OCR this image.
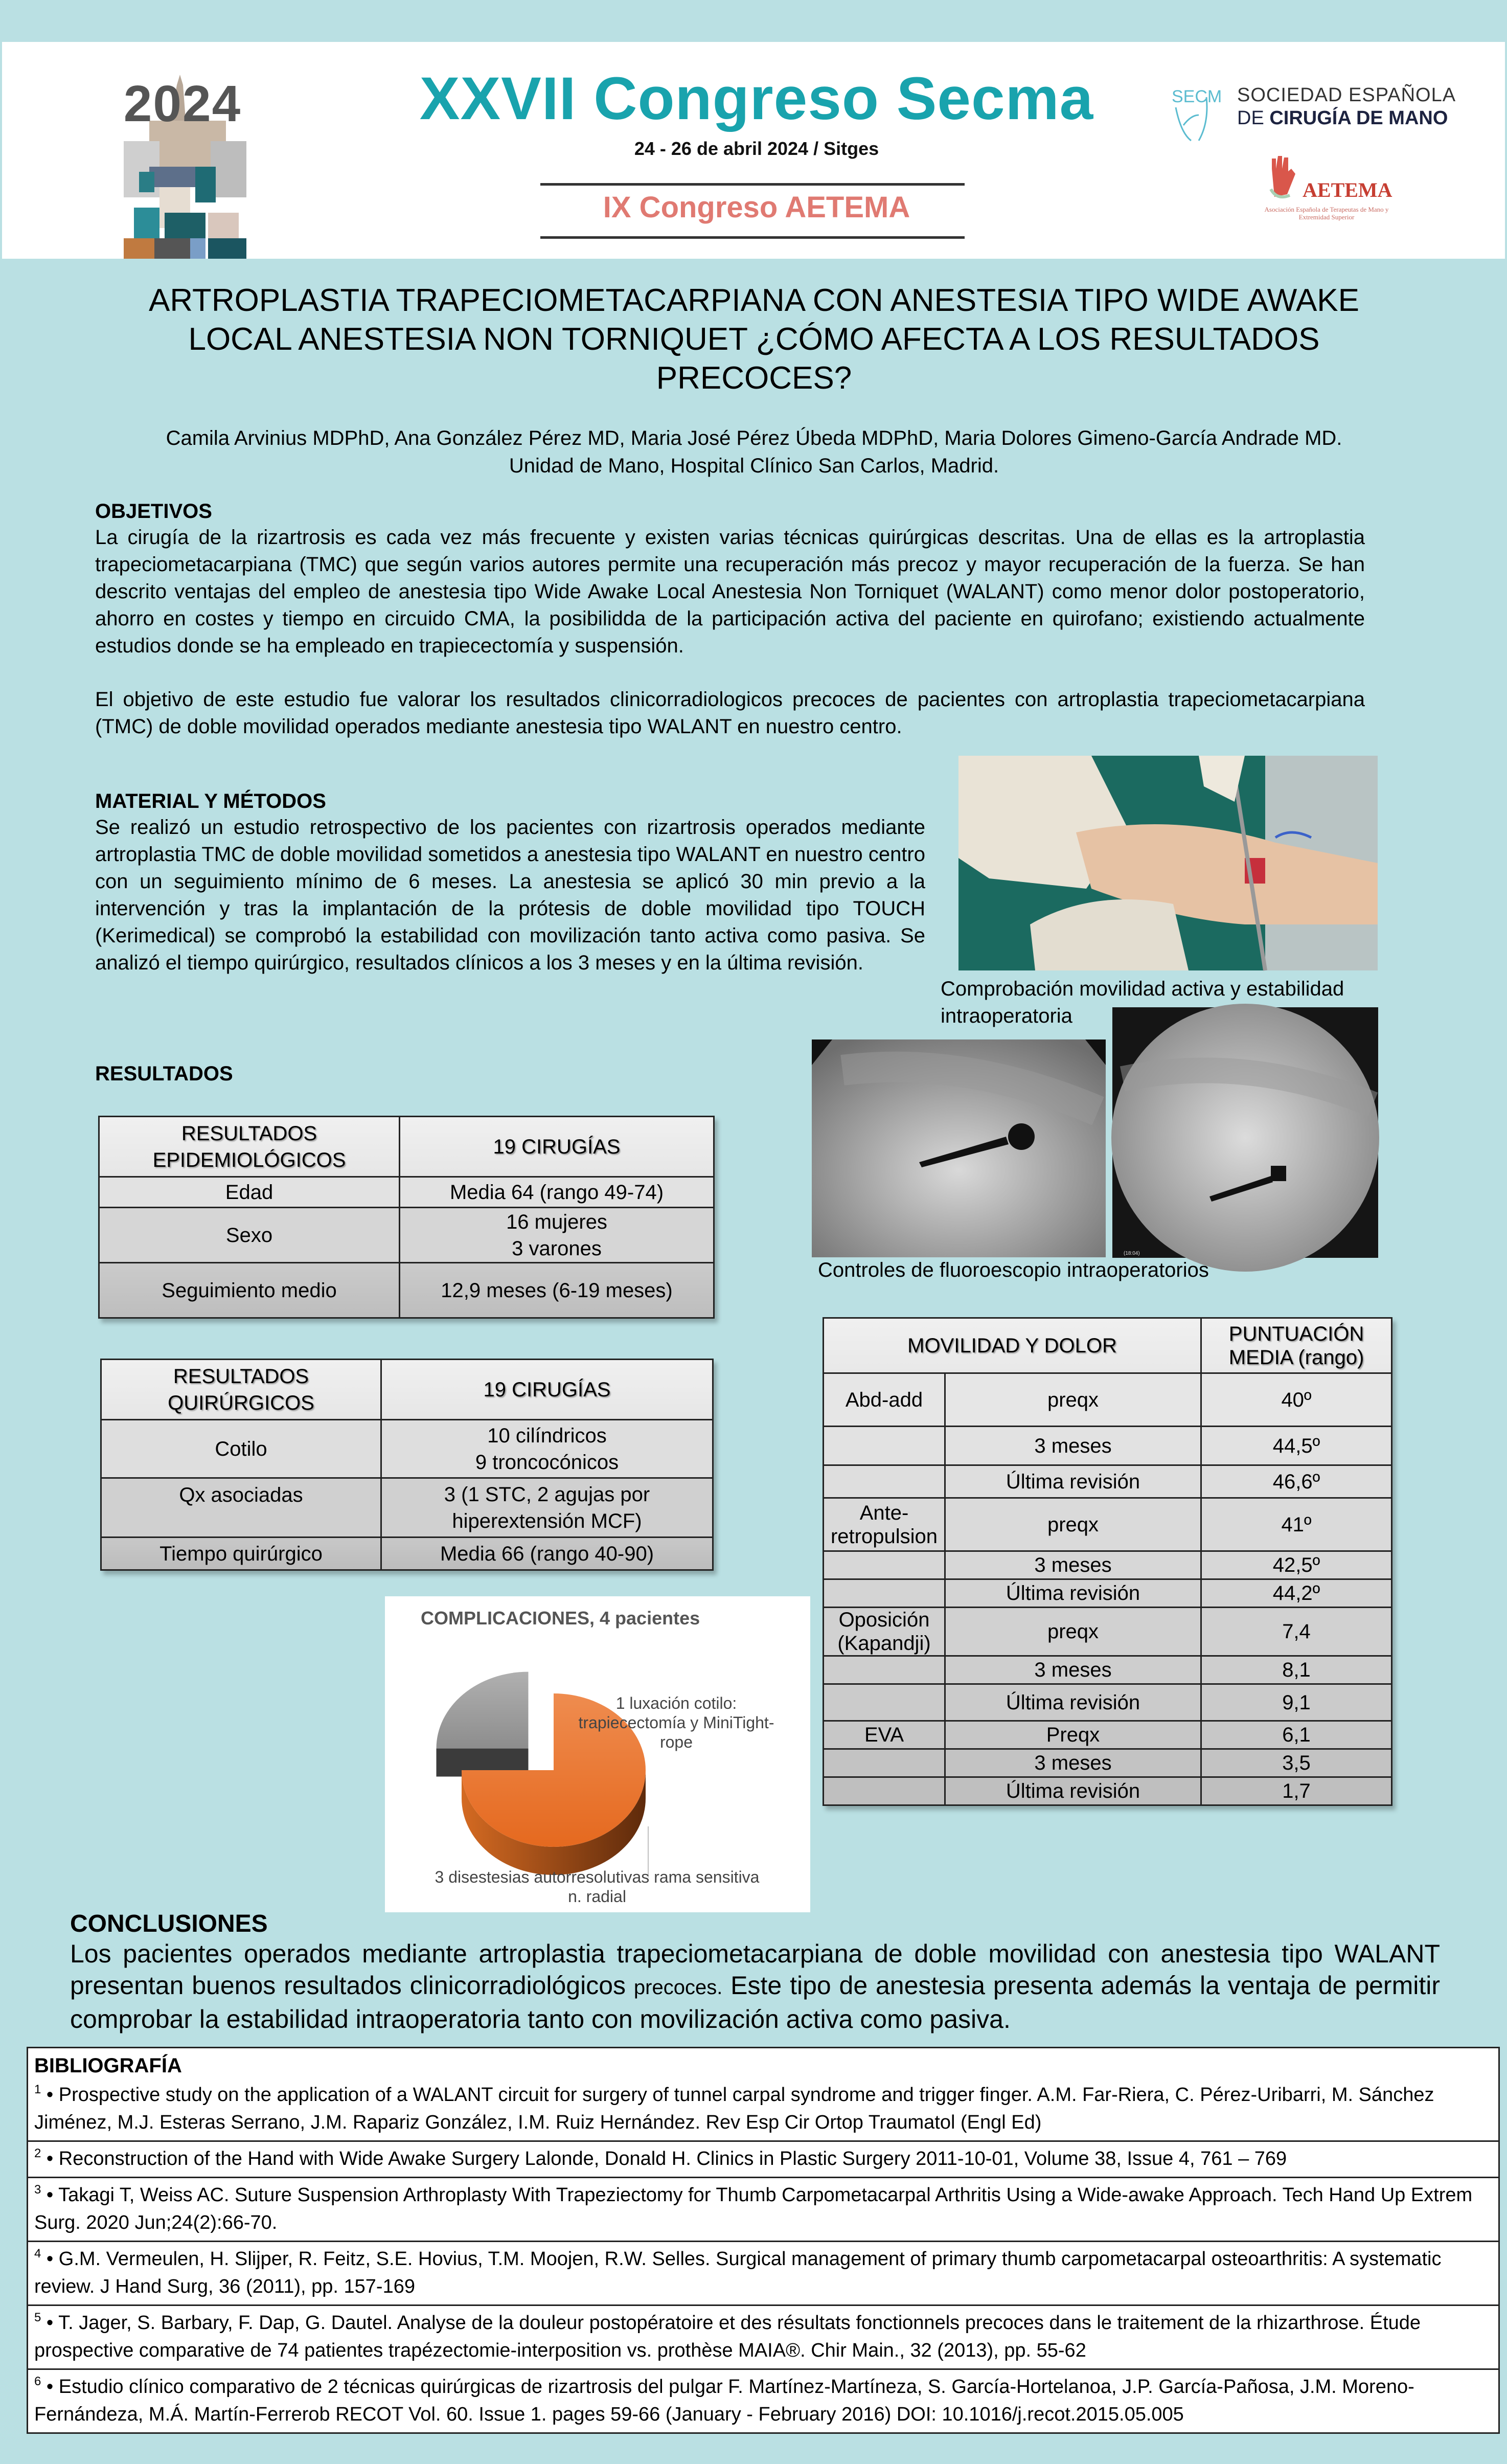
2024	XXVII Congreso Secma
24 - 26 de abril 2024 / Sitges
IX Congreso AETEMA
SECM SOCIEDAD ESPAÑOLA
DE CIRUGÍA DE MANO
AETEMA
Asociación Española de Terapeutas de Mano y Extremidad Superior
ARTROPLASTIA TRAPECIOMETACARPIANA CON ANESTESIA TIPO WIDE AWAKE LOCAL ANESTESIA NON TORNIQUET ¿CÓMO AFECTA A LOS RESULTADOS PRECOCES?
Camila Arvinius MDPhD, Ana González Pérez MD, Maria José Pérez Úbeda MDPhD, Maria Dolores Gimeno-García Andrade MD. Unidad de Mano, Hospital Clínico San Carlos, Madrid.
OBJETIVOS
La cirugía de la rizartrosis es cada vez más frecuente y existen varias técnicas quirúrgicas descritas. Una de ellas es la artroplastia trapeciometacarpiana (TMC) que según varios autores permite una recuperación más precoz y mayor recuperación de la fuerza. Se han descrito ventajas del empleo de anestesia tipo Wide Awake Local Anestesia Non Torniquet (WALANT) como menor dolor postoperatorio, ahorro en costes y tiempo en circuido CMA, la posibilidda de la participación activa del paciente en quirofano; existiendo actualmente estudios donde se ha empleado en trapiecectomía y suspensión.
El objetivo de este estudio fue valorar los resultados clinicorradiologicos precoces de pacientes con artroplastia trapeciometacarpiana (TMC) de doble movilidad operados mediante anestesia tipo WALANT en nuestro centro.
MATERIAL Y MÉTODOS
Se realizó un estudio retrospectivo de los pacientes con rizartrosis operados mediante artroplastia TMC de doble movilidad sometidos a anestesia tipo WALANT en nuestro centro con un seguimiento mínimo de 6 meses. La anestesia se aplicó 30 min previo a la intervención y tras la implantación de la prótesis de doble movilidad tipo TOUCH (Kerimedical) se comprobó la estabilidad con movilización tanto activa como pasiva. Se analizó el tiempo quirúrgico, resultados clínicos a los 3 meses y en la última revisión.
Comprobación movilidad activa y estabilidad intraoperatoria
(18:04)
Controles de fluoroescopio intraoperatorios
RESULTADOS
RESULTADOS EPIDEMIOLÓGICOS	19 CIRUGÍAS
Edad	Media 64 (rango 49-74)
Sexo	16 mujeres
3 varones

Seguimiento medio	12,9 meses (6-19 meses)
RESULTADOS QUIRÚRGICOS	19 CIRUGÍAS
Cotilo	10 cilíndricos
9 troncocónicos

Qx asociadas	3 (1 STC, 2 agujas por
hiperextensión MCF)

Tiempo quirúrgico	Media 66 (rango 40-90)
MOVILIDAD Y DOLOR		PUNTUACIÓN MEDIA (rango)
Abd-add	preqx	40º
	3 meses	44,5º
	Última revisión	46,6º
Ante-retropulsion	preqx	41º
	3 meses	42,5º
	Última revisión	44,2º
Oposición (Kapandji)	preqx	7,4
	3 meses	8,1
	Última revisión	9,1
EVA	Preqx	6,1
	3 meses	3,5
	Última revisión	1,7
COMPLICACIONES, 4 pacientes
1 luxación cotilo:
trapiecectomía y MiniTight-
rope
3 disestesias autorresolutivas rama sensitiva
n. radial
CONCLUSIONES
Los pacientes operados mediante artroplastia trapeciometacarpiana de doble movilidad con anestesia tipo WALANT presentan buenos resultados clinicorradiológicos precoces. Este tipo de anestesia presenta además la ventaja de permitir comprobar la estabilidad intraoperatoria tanto con movilización activa como pasiva.
BIBLIOGRAFÍA
$^1$ • Prospective study on the application of a WALANT circuit for surgery of tunnel carpal syndrome and trigger finger. A.M. Far-Riera, C. Pérez-Uribarri, M. Sánchez Jiménez, M.J. Esteras Serrano, J.M. Rapariz González, I.M. Ruiz Hernández. Rev Esp Cir Ortop Traumatol (Engl Ed)
$^2$ • Reconstruction of the Hand with Wide Awake Surgery Lalonde, Donald H. Clinics in Plastic Surgery 2011-10-01, Volume 38, Issue 4, 761 – 769
$^3$ • Takagi T, Weiss AC. Suture Suspension Arthroplasty With Trapeziectomy for Thumb Carpometacarpal Arthritis Using a Wide-awake Approach. Tech Hand Up Extrem Surg. 2020 Jun;24(2):66-70.
$^4$ • G.M. Vermeulen, H. Slijper, R. Feitz, S.E. Hovius, T.M. Moojen, R.W. Selles. Surgical management of primary thumb carpometacarpal osteoarthritis: A systematic review. J Hand Surg, 36 (2011), pp. 157-169
$^5$ • T. Jager, S. Barbary, F. Dap, G. Dautel. Analyse de la douleur postopératoire et des résultats fonctionnels precoces dans le traitement de la rhizarthrose. Étude prospective comparative de 74 patientes trapézectomie-interposition vs. prothèse MAIA®. Chir Main., 32 (2013), pp. 55-62
$^6$ • Estudio clínico comparativo de 2 técnicas quirúrgicas de rizartrosis del pulgar F. Martínez-Martíneza, S. García-Hortelanoa, J.P. García-Pañosa, J.M. Moreno-Fernándeza, M.Á. Martín-Ferrerob RECOT Vol. 60. Issue 1. pages 59-66 (January - February 2016) DOI: 10.1016/j.recot.2015.05.005
